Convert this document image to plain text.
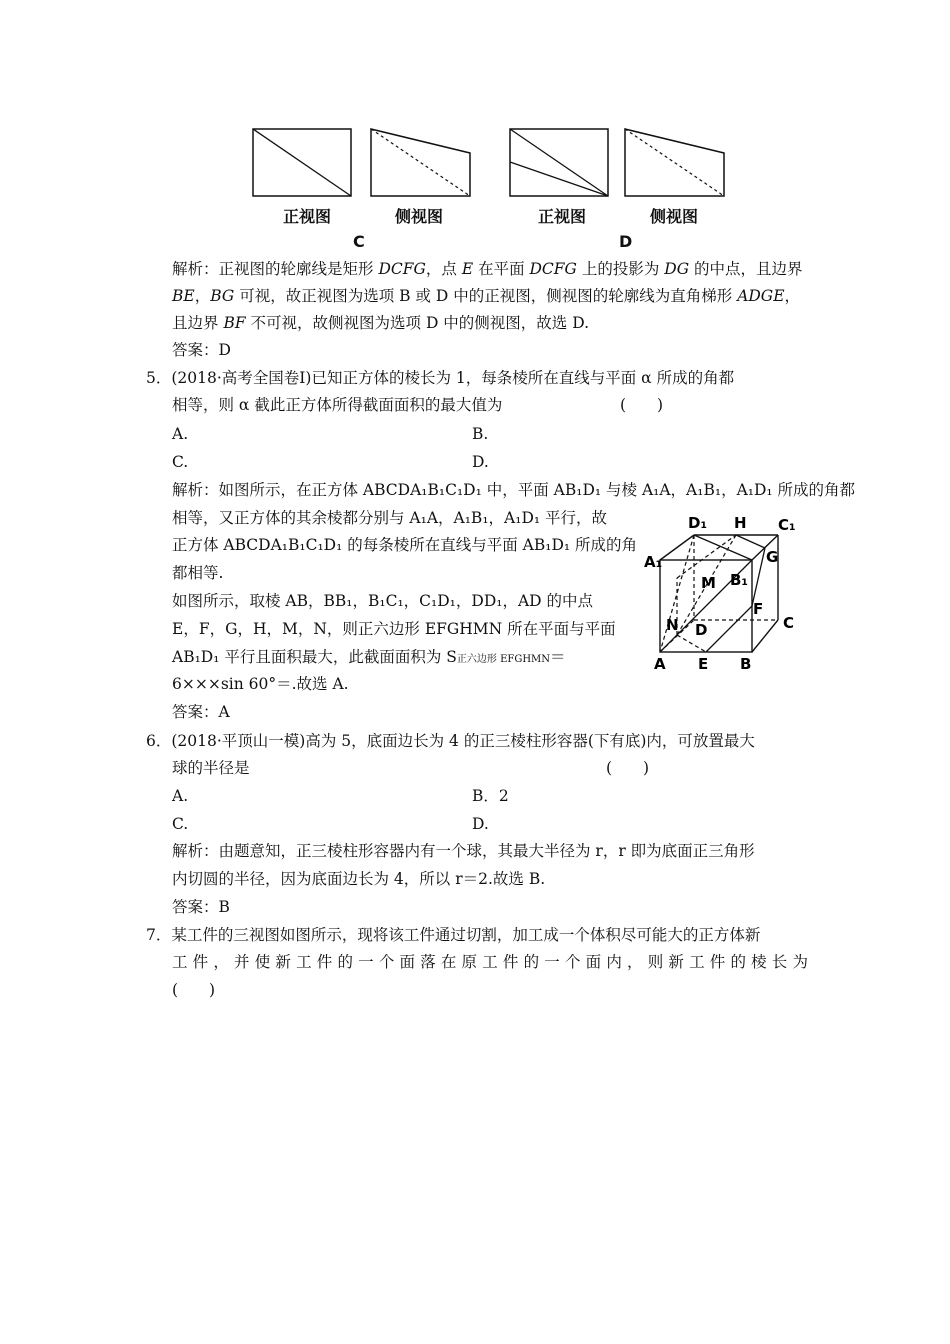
正视图	侧视图	正视图	侧视图
C	D
解析：正视图的轮廓线是矩形 DCFG，点 E 在平面 DCFG 上的投影为 DG 的中点，且边界
BE，BG 可视，故正视图为选项 B 或 D 中的正视图，侧视图的轮廓线为直角梯形 ADGE，
且边界 BF 不可视，故侧视图为选项 D 中的侧视图，故选 D.
答案：D
5．(2018·高考全国卷Ⅰ)已知正方体的棱长为 1，每条棱所在直线与平面 α 所成的角都
相等，则 α 截此正方体所得截面面积的最大值为	(　　)
A.	B.
C.	D.
解析：如图所示，在正方体 ABCDA₁B₁C₁D₁ 中，平面 AB₁D₁ 与棱 A₁A，A₁B₁，A₁D₁ 所成的角都
相等，又正方体的其余棱都分别与 A₁A，A₁B₁，A₁D₁ 平行，故
正方体 ABCDA₁B₁C₁D₁ 的每条棱所在直线与平面 AB₁D₁ 所成的角
都相等.
如图所示，取棱 AB，BB₁，B₁C₁，C₁D₁，DD₁，AD 的中点
E，F，G，H，M，N，则正六边形 EFGHMN 所在平面与平面
AB₁D₁ 平行且面积最大，此截面面积为 S正六边形 EFGHMN＝
6×××sin 60°＝.故选 A.
答案：A
D₁ H C₁
A₁	G
M B₁
F
N D	C
A E B
6．(2018·平顶山一模)高为 5，底面边长为 4 的正三棱柱形容器(下有底)内，可放置最大
球的半径是	(　　)
A.	B．2
C.	D.
解析：由题意知，正三棱柱形容器内有一个球，其最大半径为 r，r 即为底面正三角形
内切圆的半径，因为底面边长为 4，所以 r＝2.故选 B.
答案：B
7．某工件的三视图如图所示，现将该工件通过切割，加工成一个体积尽可能大的正方体新
工件，并使新工件的一个面落在原工件的一个面内，则新工件的棱长为
(　　)
